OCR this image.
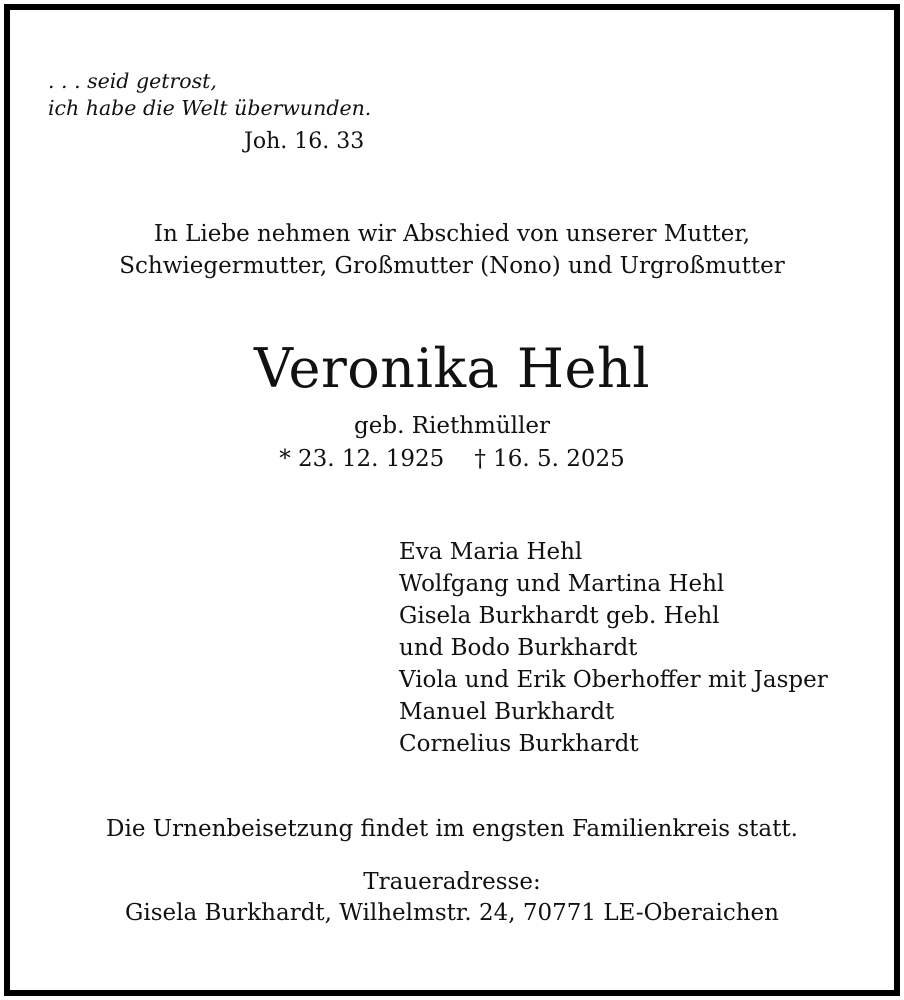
. . . seid getrost,
ich habe die Welt überwunden.
Joh. 16. 33
In Liebe nehmen wir Abschied von unserer Mutter,
Schwiegermutter, Großmutter (Nono) und Urgroßmutter
Veronika Hehl
geb. Riethmüller
* 23. 12. 1925 † 16. 5. 2025
Eva Maria Hehl
Wolfgang und Martina Hehl
Gisela Burkhardt geb. Hehl
und Bodo Burkhardt
Viola und Erik Oberhoffer mit Jasper
Manuel Burkhardt
Cornelius Burkhardt
Die Urnenbeisetzung findet im engsten Familienkreis statt.
Traueradresse:
Gisela Burkhardt, Wilhelmstr. 24, 70771 LE-Oberaichen
